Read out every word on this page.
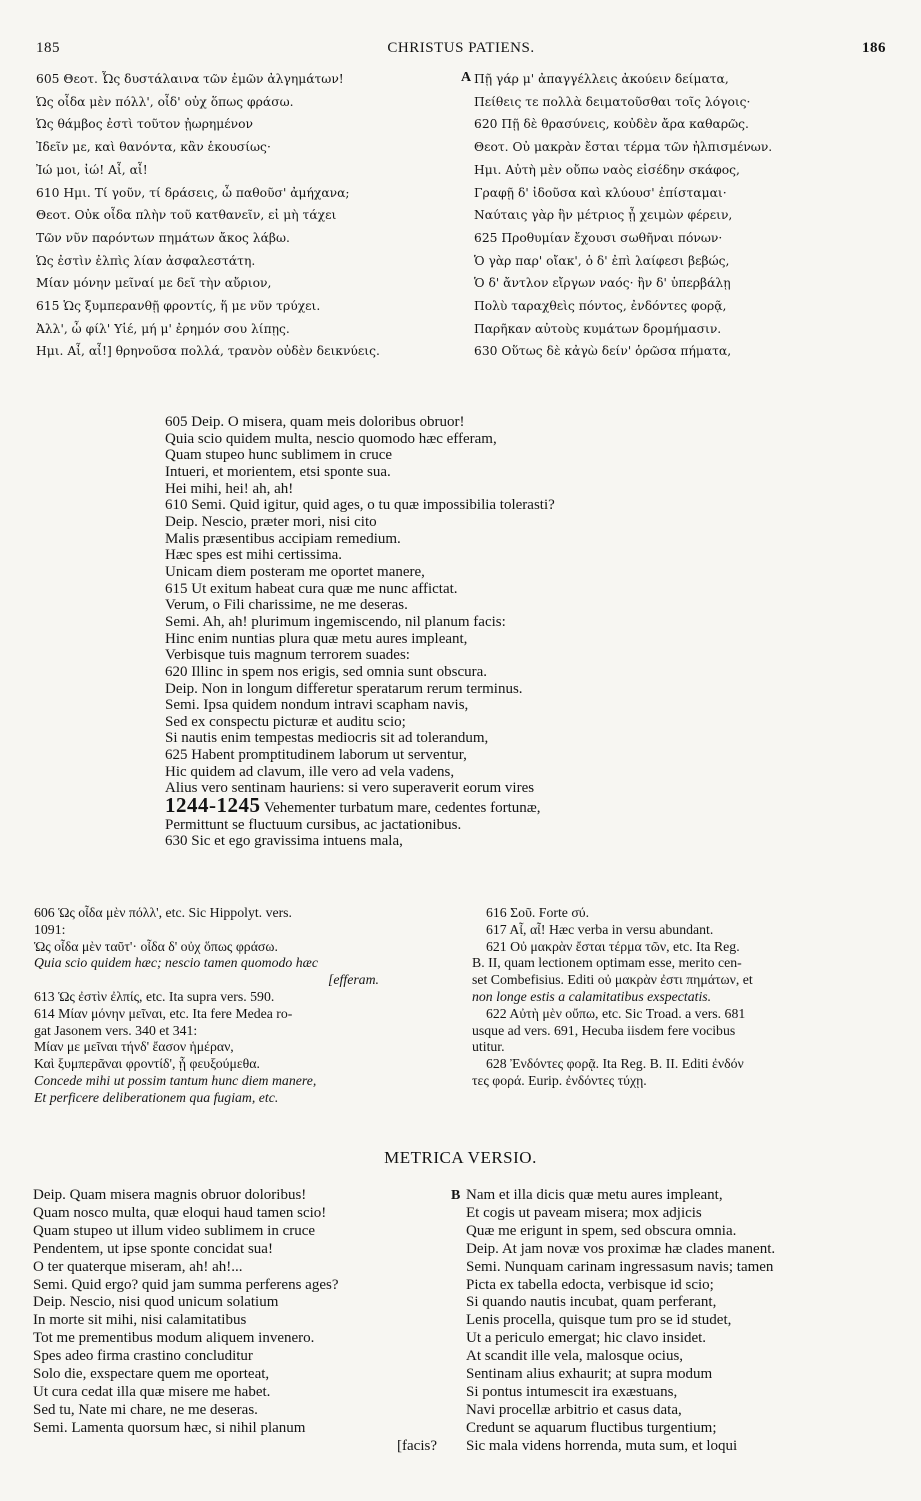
185	CHRISTUS PATIENS.	186
605 Θεοτ. Ὦς δυστάλαινα τῶν ἐμῶν ἀλγημάτων!
Ὡς οἶδα μὲν πόλλ', οἶδ' οὐχ ὅπως φράσω.
Ὡς θάμβος ἐστὶ τοῦτον ᾐωρημένον
Ἰδεῖν με, καὶ θανόντα, κἂν ἑκουσίως·
Ἰώ μοι, ἰώ! Αἶ, αἶ!
610 Ημι. Τί γοῦν, τί δράσεις, ὦ παθοῦσ' ἀμήχανα;
Θεοτ. Οὐκ οἶδα πλὴν τοῦ κατθανεῖν, εἰ μὴ τάχει
Τῶν νῦν παρόντων πημάτων ἄκος λάβω.
Ὡς ἐστὶν ἐλπὶς λίαν ἀσφαλεστάτη.
Μίαν μόνην μεῖναί με δεῖ τὴν αὔριον,
615 Ὡς ξυμπερανθῇ φροντίς, ἥ με νῦν τρύχει.
Ἀλλ', ὦ φίλ' Υἱέ, μή μ' ἐρημόν σου λίπῃς.
Ημι. Αἶ, αἶ!] θρηνοῦσα πολλά, τρανὸν οὐδὲν δεικνύεις.
A Πῇ γάρ μ' ἀπαγγέλλεις ἀκούειν δείματα,
Πείθεις τε πολλὰ δειματοῦσθαι τοῖς λόγοις·
620 Πῇ δὲ θρασύνεις, κοὐδὲν ἄρα καθαρῶς.
Θεοτ. Οὐ μακρὰν ἔσται τέρμα τῶν ἠλπισμένων.
Ημι. Αὐτὴ μὲν οὔπω ναὸς εἰσέδην σκάφος,
Γραφῇ δ' ἰδοῦσα καὶ κλύουσ' ἐπίσταμαι·
Ναύταις γὰρ ἣν μέτριος ᾖ χειμὼν φέρειν,
625 Προθυμίαν ἔχουσι σωθῆναι πόνων·
Ὁ γὰρ παρ' οἴακ', ὁ δ' ἐπὶ λαίφεσι βεβώς,
Ὁ δ' ἄντλον εἴργων ναός· ἢν δ' ὑπερβάλῃ
Πολὺ ταραχθεὶς πόντος, ἐνδόντες φορᾷ,
Παρῆκαν αὐτοὺς κυμάτων δρομήμασιν.
630 Οὕτως δὲ κἀγὼ δείν' ὁρῶσα πήματα,
605 Deip. O misera, quam meis doloribus obruor!
Quia scio quidem multa, nescio quomodo hæc efferam,
Quam stupeo hunc sublimem in cruce
Intueri, et morientem, etsi sponte sua.
Hei mihi, hei! ah, ah!
610 Semi. Quid igitur, quid ages, o tu quæ impossibilia tolerasti?
Deip. Nescio, præter mori, nisi cito
Malis præsentibus accipiam remedium.
Hæc spes est mihi certissima.
Unicam diem posteram me oportet manere,
615 Ut exitum habeat cura quæ me nunc affictat.
Verum, o Fili charissime, ne me deseras.
Semi. Ah, ah! plurimum ingemiscendo, nil planum facis:
Hinc enim nuntias plura quæ metu aures impleant,
Verbisque tuis magnum terrorem suades:
620 Illinc in spem nos erigis, sed omnia sunt obscura.
Deip. Non in longum differetur speratarum rerum terminus.
Semi. Ipsa quidem nondum intravi scapham navis,
Sed ex conspectu picturæ et auditu scio;
Si nautis enim tempestas mediocris sit ad tolerandum,
625 Habent promptitudinem laborum ut serventur,
Hic quidem ad clavum, ille vero ad vela vadens,
Alius vero sentinam hauriens: si vero superaverit eorum vires
1244-1245 Vehementer turbatum mare, cedentes fortunæ,
Permittunt se fluctuum cursibus, ac jactationibus.
630 Sic et ego gravissima intuens mala,
606 Ὡς οἶδα μὲν πόλλ', etc. Sic Hippolyt. vers.
1091:
Ὡς οἶδα μὲν ταῦτ'· οἶδα δ' οὐχ ὅπως φράσω.
Quia scio quidem hæc; nescio tamen quomodo hæc
[efferam.
613 Ὡς ἐστὶν ἐλπίς, etc. Ita supra vers. 590.
614 Μίαν μόνην μεῖναι, etc. Ita fere Medea ro-
gat Jasonem vers. 340 et 341:
Μίαν με μεῖναι τήνδ' ἔασον ἡμέραν,
Καὶ ξυμπερᾶναι φροντίδ', ᾗ φευξούμεθα.
Concede mihi ut possim tantum hunc diem manere,
Et perficere deliberationem qua fugiam, etc.
616 Σοῦ. Forte σύ.
617 Αἶ, αἶ! Hæc verba in versu abundant.
621 Οὐ μακρὰν ἔσται τέρμα τῶν, etc. Ita Reg.
B. II, quam lectionem optimam esse, merito cen-
set Combefisius. Editi οὐ μακρὰν ἐστι πημάτων, et
non longe estis a calamitatibus exspectatis.
622 Αὐτὴ μὲν οὔπω, etc. Sic Troad. a vers. 681
usque ad vers. 691, Hecuba iisdem fere vocibus
utitur.
628 Ἐνδόντες φορᾷ. Ita Reg. B. II. Editi ἐνδόν
τες φορά. Eurip. ἐνδόντες τύχῃ.
METRICA VERSIO.
Deip. Quam misera magnis obruor doloribus!
Quam nosco multa, quæ eloqui haud tamen scio!
Quam stupeo ut illum video sublimem in cruce
Pendentem, ut ipse sponte concidat sua!
O ter quaterque miseram, ah! ah!...
Semi. Quid ergo? quid jam summa perferens ages?
Deip. Nescio, nisi quod unicum solatium
In morte sit mihi, nisi calamitatibus
Tot me prementibus modum aliquem invenero.
Spes adeo firma crastino concluditur
Solo die, exspectare quem me oporteat,
Ut cura cedat illa quæ misere me habet.
Sed tu, Nate mi chare, ne me deseras.
Semi. Lamenta quorsum hæc, si nihil planum
[facis?
B Nam et illa dicis quæ metu aures impleant,
Et cogis ut paveam misera; mox adjicis
Quæ me erigunt in spem, sed obscura omnia.
Deip. At jam novæ vos proximæ hæ clades manent.
Semi. Nunquam carinam ingressasum navis; tamen
Picta ex tabella edocta, verbisque id scio;
Si quando nautis incubat, quam perferant,
Lenis procella, quisque tum pro se id studet,
Ut a periculo emergat; hic clavo insidet.
At scandit ille vela, malosque ocius,
Sentinam alius exhaurit; at supra modum
Si pontus intumescit ira exæstuans,
Navi procellæ arbitrio et casus data,
Credunt se aquarum fluctibus turgentium;
Sic mala videns horrenda, muta sum, et loqui
